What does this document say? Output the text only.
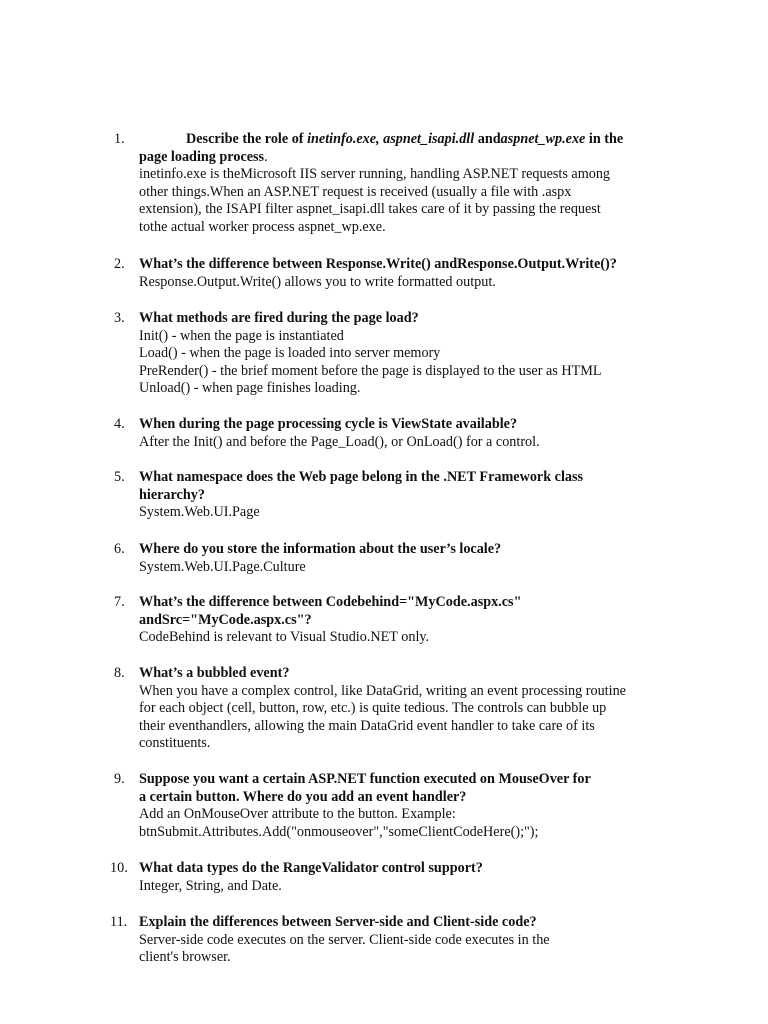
1.	Describe the role of inetinfo.exe, aspnet_isapi.dll andaspnet_wp.exe in the
page loading process.
inetinfo.exe is theMicrosoft IIS server running, handling ASP.NET requests among
other things.When an ASP.NET request is received (usually a file with .aspx
extension), the ISAPI filter aspnet_isapi.dll takes care of it by passing the request
tothe actual worker process aspnet_wp.exe.
2.	What’s the difference between Response.Write() andResponse.Output.Write()?
Response.Output.Write() allows you to write formatted output.
3.	What methods are fired during the page load?
Init() - when the page is instantiated
Load() - when the page is loaded into server memory
PreRender() - the brief moment before the page is displayed to the user as HTML
Unload() - when page finishes loading.
4.	When during the page processing cycle is ViewState available?
After the Init() and before the Page_Load(), or OnLoad() for a control.
5.	What namespace does the Web page belong in the .NET Framework class
hierarchy?
System.Web.UI.Page
6.	Where do you store the information about the user’s locale?
System.Web.UI.Page.Culture
7.	What’s the difference between Codebehind="MyCode.aspx.cs"
andSrc="MyCode.aspx.cs"?
CodeBehind is relevant to Visual Studio.NET only.
8.	What’s a bubbled event?
When you have a complex control, like DataGrid, writing an event processing routine
for each object (cell, button, row, etc.) is quite tedious. The controls can bubble up
their eventhandlers, allowing the main DataGrid event handler to take care of its
constituents.
9.	Suppose you want a certain ASP.NET function executed on MouseOver for
a certain button. Where do you add an event handler?
Add an OnMouseOver attribute to the button. Example:
btnSubmit.Attributes.Add("onmouseover","someClientCodeHere();");
10. What data types do the RangeValidator control support?
Integer, String, and Date.
11. Explain the differences between Server-side and Client-side code?
Server-side code executes on the server. Client-side code executes in the
client's browser.
